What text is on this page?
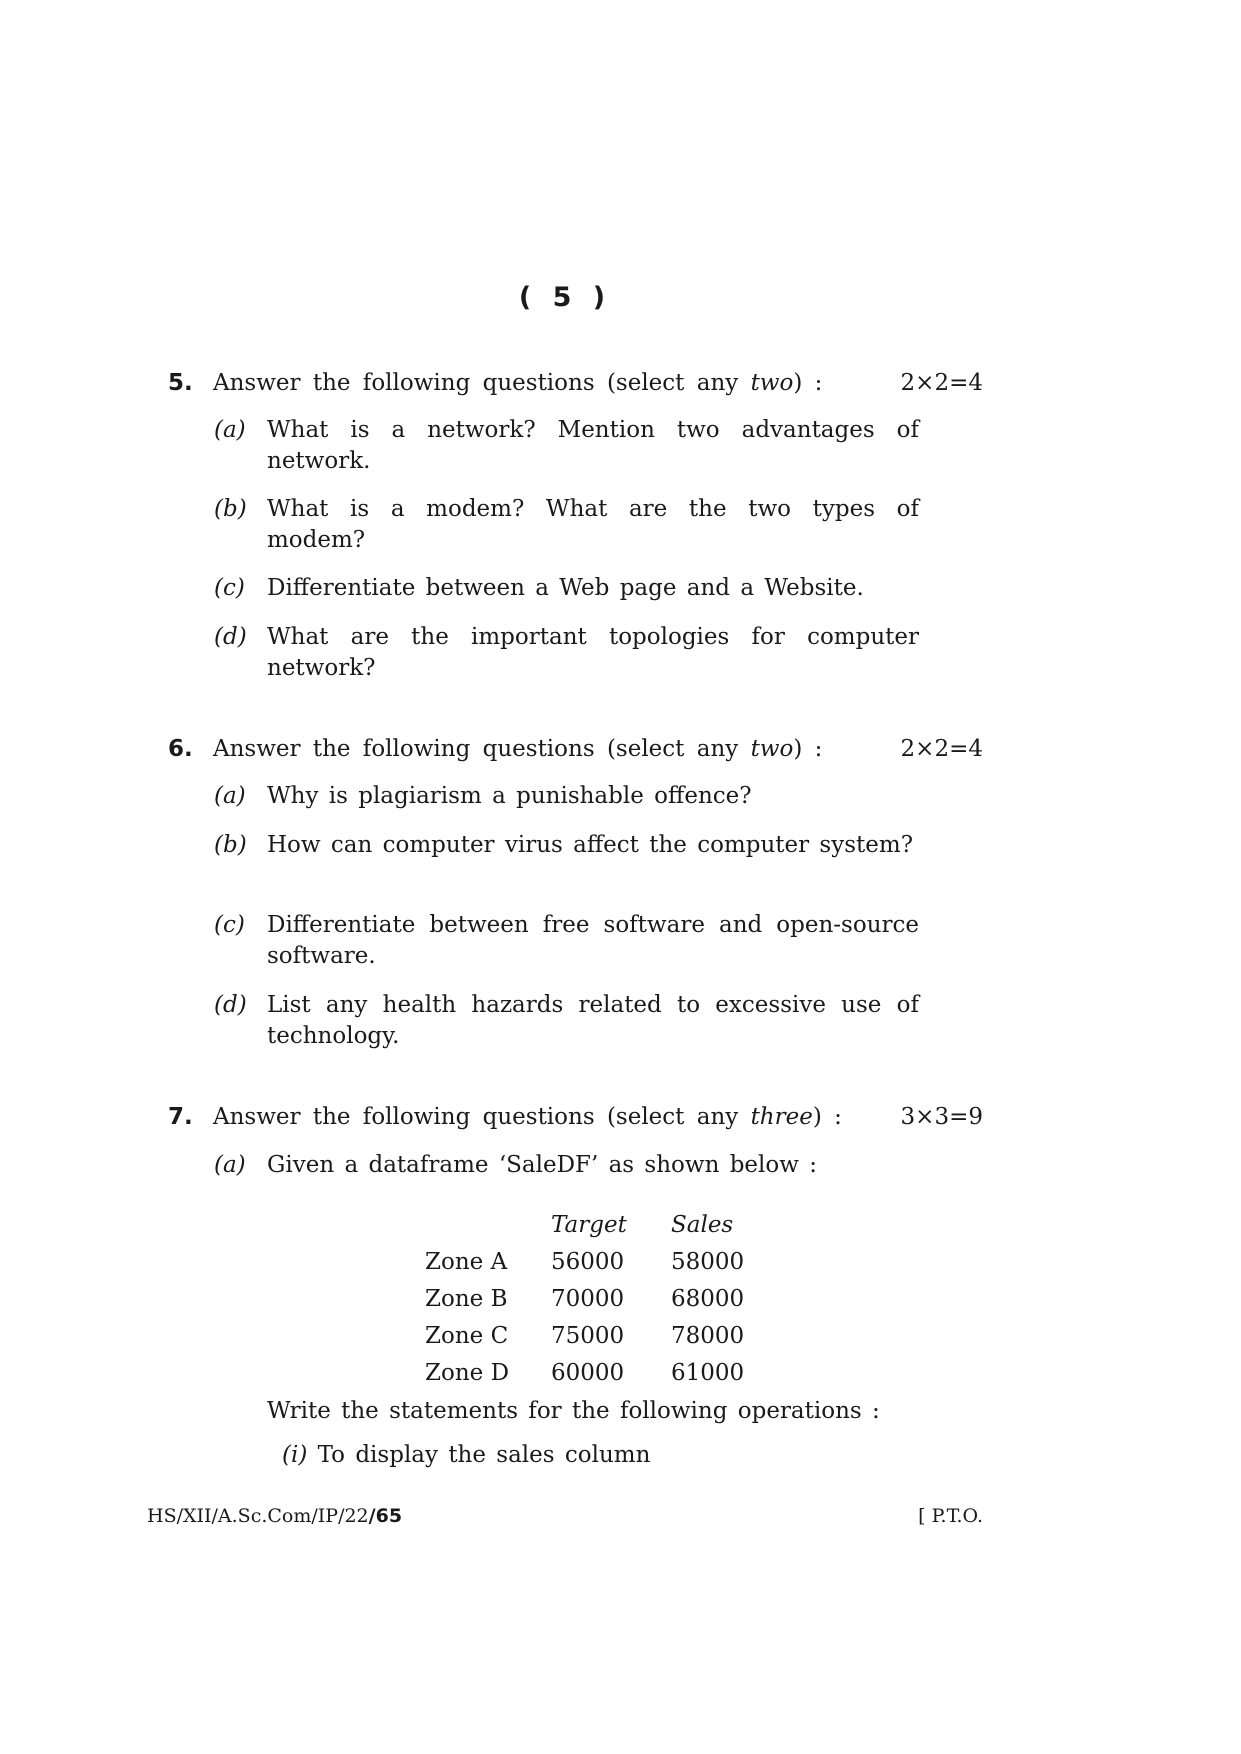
( 5 )
5. Answer the following questions (select any two) :	2×2=4
(a) What is a network? Mention two advantages of network.
(b) What is a modem? What are the two types of modem?
(c) Differentiate between a Web page and a Website.
(d) What are the important topologies for computer network?
6. Answer the following questions (select any two) :	2×2=4
(a) Why is plagiarism a punishable offence?
(b) How can computer virus affect the computer system?
(c) Differentiate between free software and open-source software.
(d) List any health hazards related to excessive use of technology.
7. Answer the following questions (select any three) :	3×3=9
(a) Given a dataframe ‘SaleDF’ as shown below :
	Target	Sales
Zone A	56000	58000
Zone B	70000	68000
Zone C	75000	78000
Zone D	60000	61000
Write the statements for the following operations :
(i) To display the sales column
HS/XII/A.Sc.Com/IP/22/65	[ P.T.O.
